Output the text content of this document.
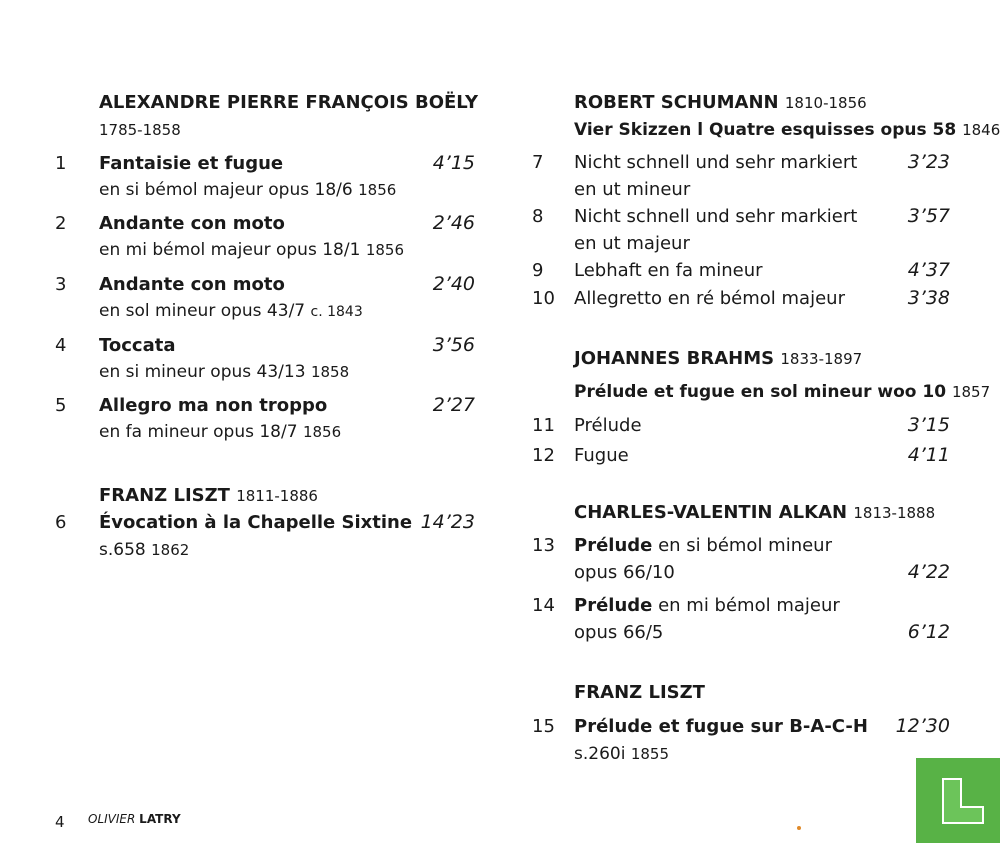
ALEXANDRE PIERRE FRANÇOIS BOËLY
1785-1858
1 Fantaisie et fugue	4’15
en si bémol majeur opus 18/6 1856
2 Andante con moto	2’46
en mi bémol majeur opus 18/1 1856
3 Andante con moto	2’40
en sol mineur opus 43/7 c. 1843
4 Toccata	3’56
en si mineur opus 43/13 1858
5 Allegro ma non troppo	2’27
en fa mineur opus 18/7 1856
FRANZ LISZT 1811-1886
6 Évocation à la Chapelle Sixtine 14’23
s.658 1862
ROBERT SCHUMANN 1810-1856
Vier Skizzen l Quatre esquisses opus 58 1846
7 Nicht schnell und sehr markiert	3’23
en ut mineur
8 Nicht schnell und sehr markiert	3’57
en ut majeur
9 Lebhaft en fa mineur	4’37
10 Allegretto en ré bémol majeur	3’38
JOHANNES BRAHMS 1833-1897
Prélude et fugue en sol mineur woo 10 1857
11 Prélude	3’15
12 Fugue	4’11
CHARLES-VALENTIN ALKAN 1813-1888
13 Prélude en si bémol mineur
opus 66/10	4’22
14 Prélude en mi bémol majeur
opus 66/5	6’12
FRANZ LISZT
15 Prélude et fugue sur B-A-C-H	12’30
s.260i 1855
4 OLIVIER LATRY
